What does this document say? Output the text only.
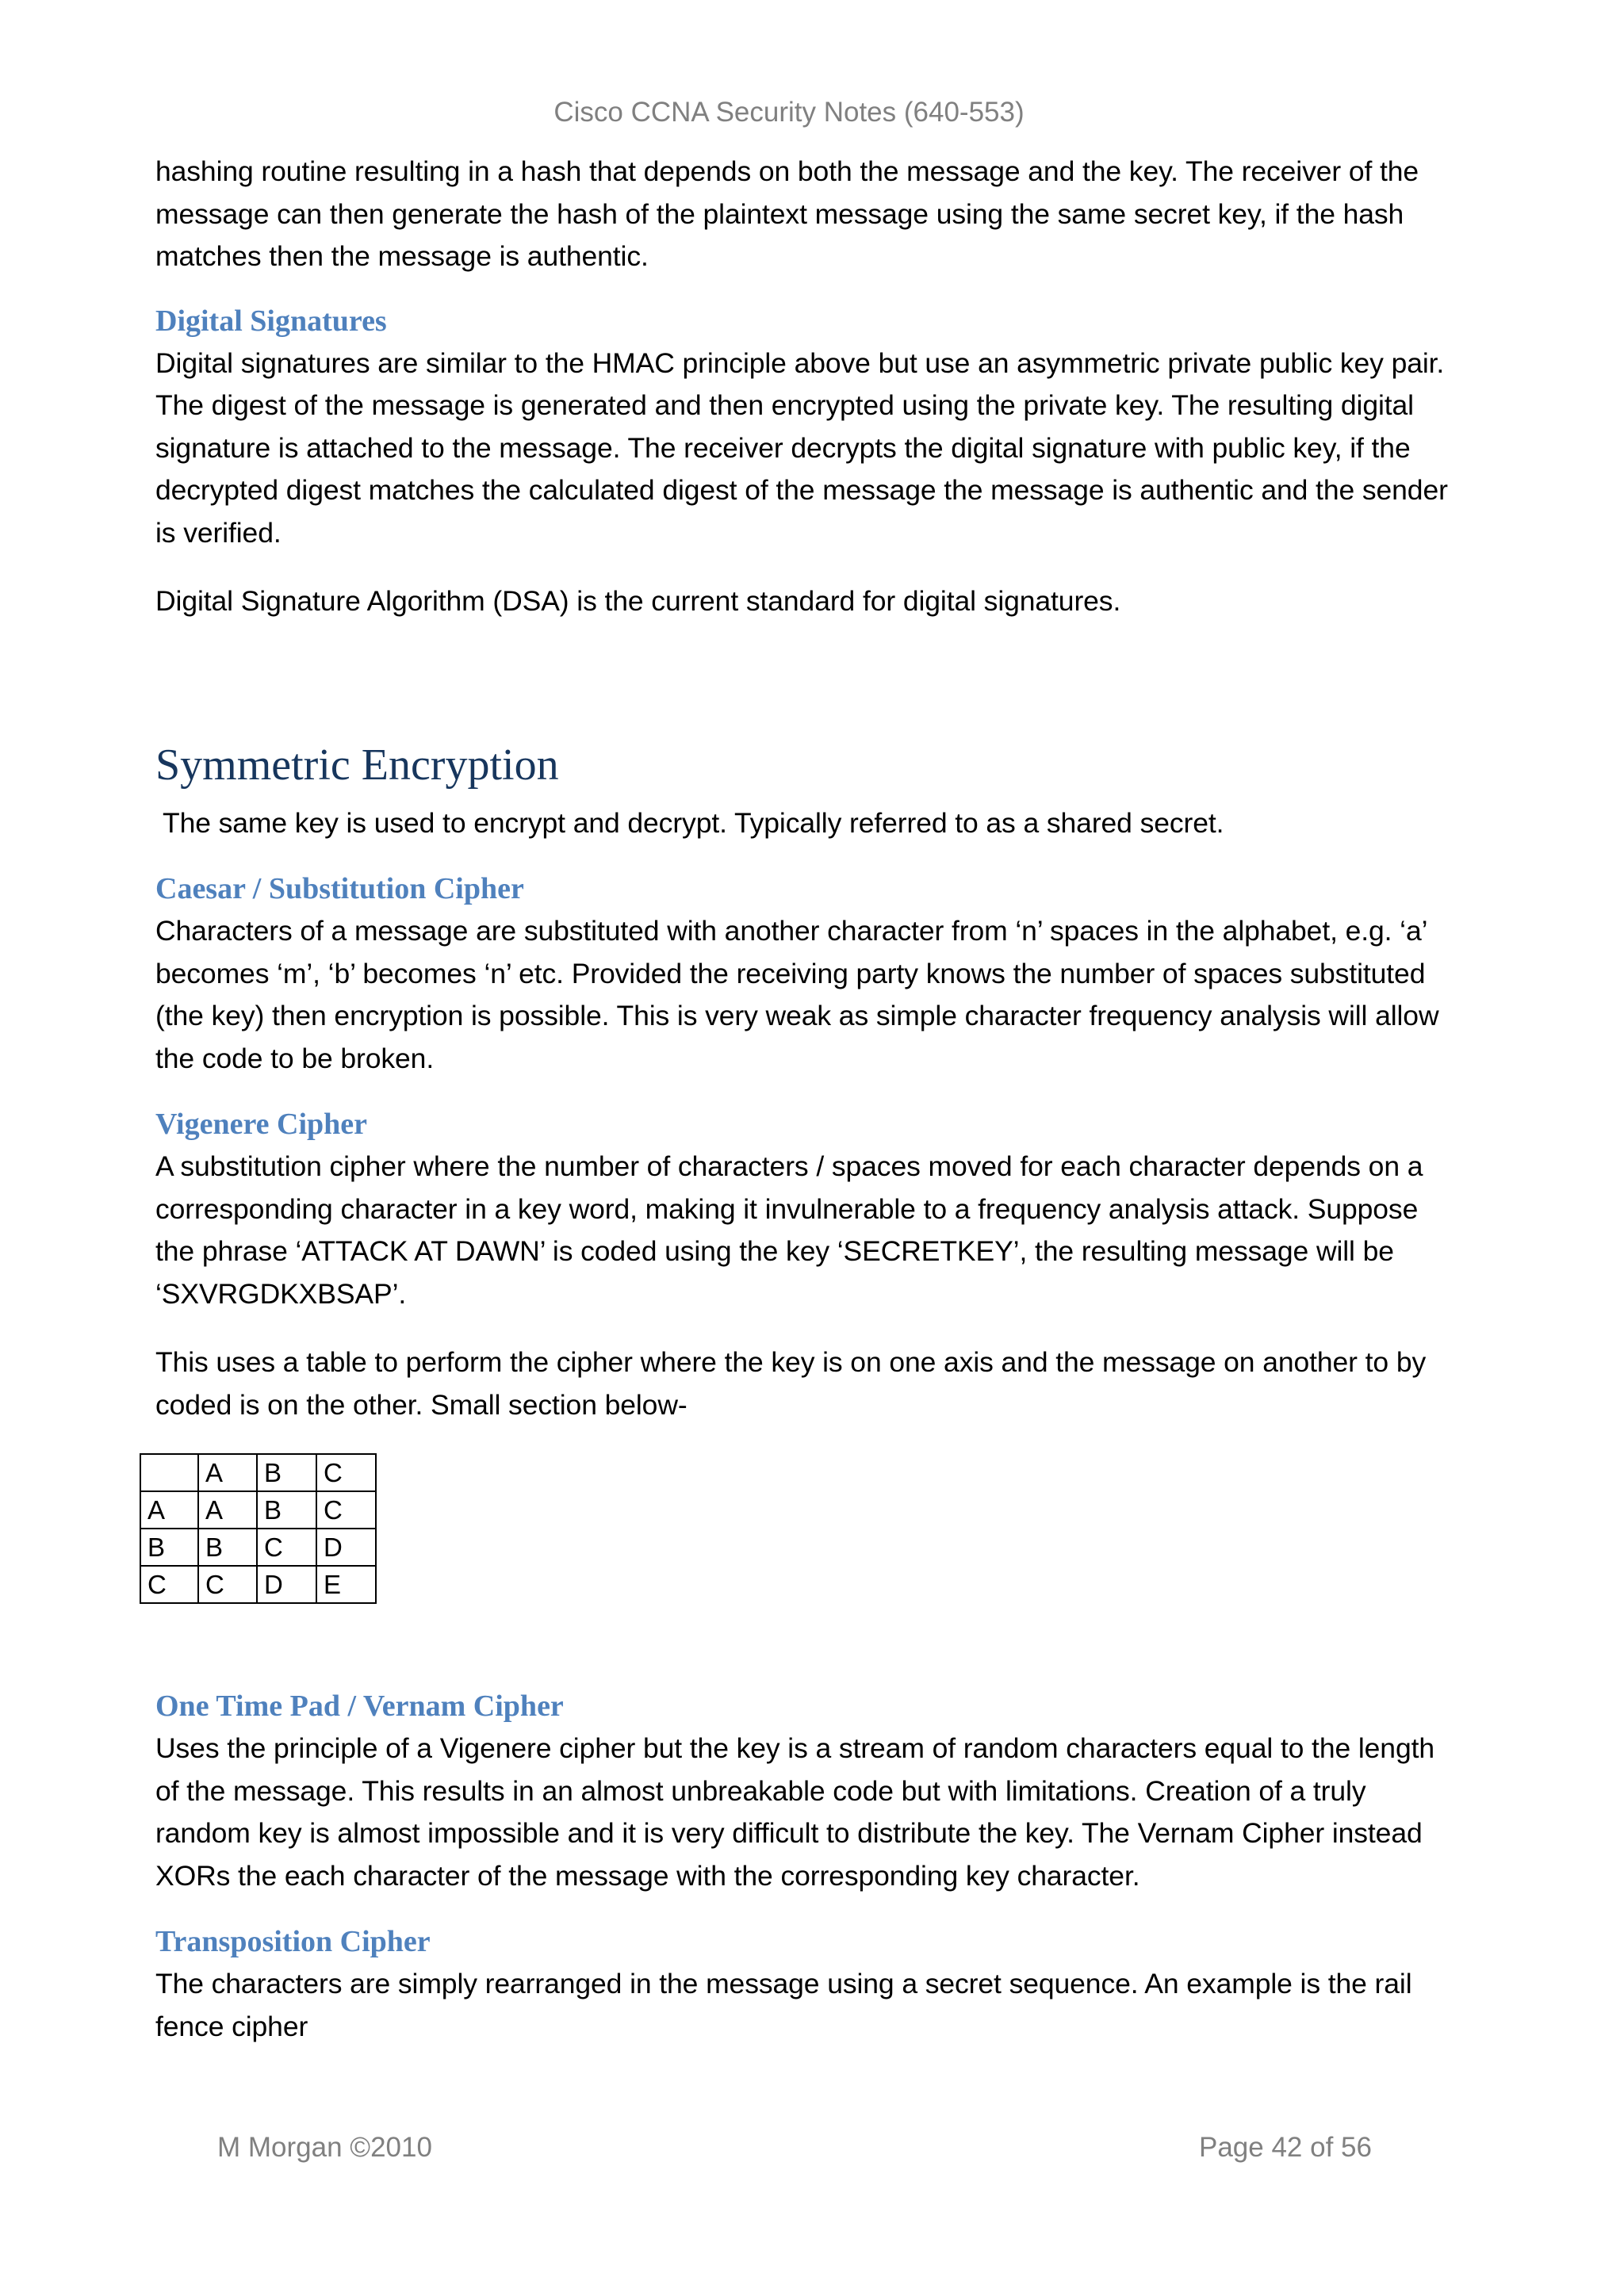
Cisco CCNA Security Notes (640-553)

hashing routine resulting in a hash that depends on both the message and the key. The receiver of the message can then generate the hash of the plaintext message using the same secret key, if the hash matches then the message is authentic.

Digital Signatures

Digital signatures are similar to the HMAC principle above but use an asymmetric private public key pair. The digest of the message is generated and then encrypted using the private key. The resulting digital signature is attached to the message. The receiver decrypts the digital signature with public key, if the decrypted digest matches the calculated digest of the message the message is authentic and the sender is verified.

Digital Signature Algorithm (DSA) is the current standard for digital signatures.

Symmetric Encryption

The same key is used to encrypt and decrypt. Typically referred to as a shared secret.

Caesar / Substitution Cipher

Characters of a message are substituted with another character from ‘n’ spaces in the alphabet, e.g. ‘a’ becomes ‘m’, ‘b’ becomes ‘n’ etc. Provided the receiving party knows the number of spaces substituted (the key) then encryption is possible. This is very weak as simple character frequency analysis will allow the code to be broken.

Vigenere Cipher

A substitution cipher where the number of characters / spaces moved for each character depends on a corresponding character in a key word, making it invulnerable to a frequency analysis attack. Suppose the phrase ‘ATTACK AT DAWN’ is coded using the key ‘SECRETKEY’, the resulting message will be ‘SXVRGDKXBSAP’.

This uses a table to perform the cipher where the key is on one axis and the message on another to by coded is on the other. Small section below-

	A	B	C
A	A	B	C
B	B	C	D
C	C	D	E
One Time Pad / Vernam Cipher

Uses the principle of a Vigenere cipher but the key is a stream of random characters equal to the length of the message. This results in an almost unbreakable code but with limitations. Creation of a truly random key is almost impossible and it is very difficult to distribute the key. The Vernam Cipher instead XORs the each character of the message with the corresponding key character.

Transposition Cipher

The characters are simply rearranged in the message using a secret sequence. An example is the rail fence cipher

M Morgan ©2010	Page 42 of 56
